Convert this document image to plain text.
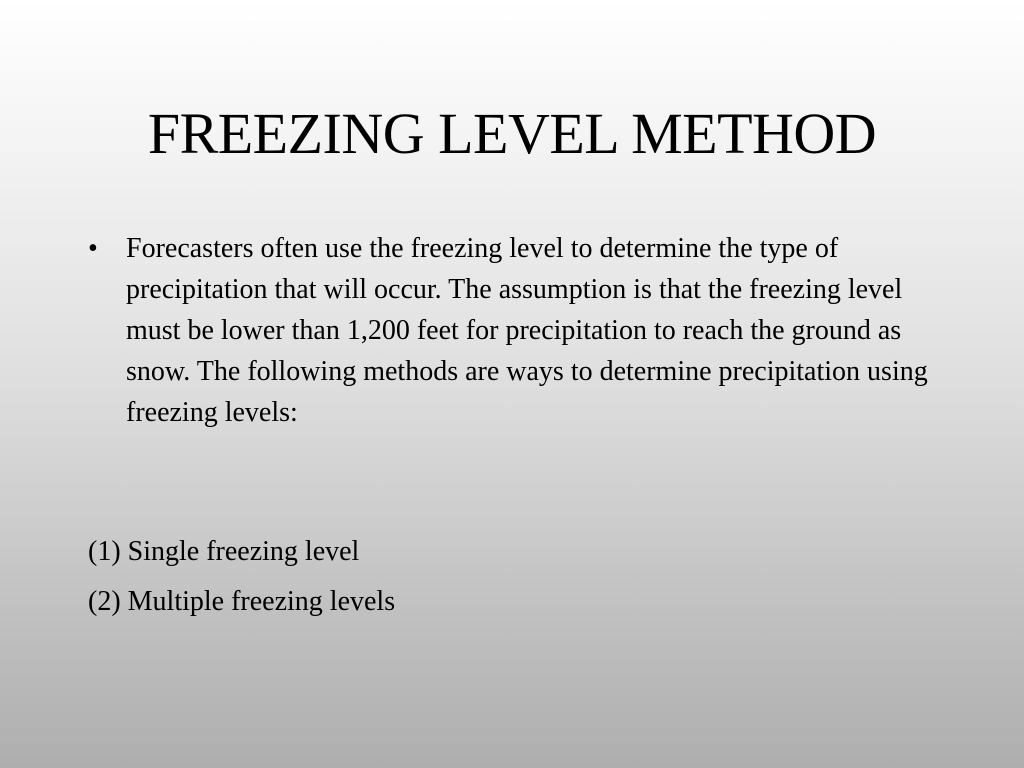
FREEZING LEVEL METHOD
•	Forecasters often use the freezing level to determine the type of precipitation that will occur. The assumption is that the freezing level must be lower than 1,200 feet for precipitation to reach the ground as snow. The following methods are ways to determine precipitation using freezing levels:
(1) Single freezing level
(2) Multiple freezing levels
